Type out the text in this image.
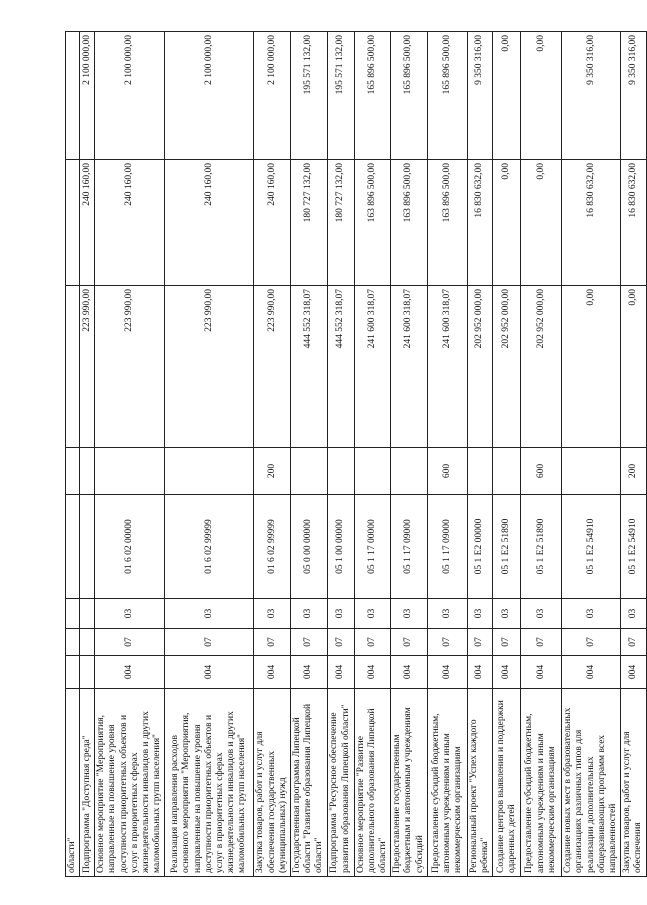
области"								
Подпрограмма "Доступная среда"						223 990,00	240 160,00	2 100 000,00
Основное мероприятие "Мероприятия, направленные на повышение уровня доступности приоритетных объектов и услуг в приоритетных сферах жизнедеятельности инвалидов и других маломобильных групп населения"	004	07	03	01 6 02 00000		223 990,00	240 160,00	2 100 000,00
Реализация направления расходов основного мероприятия "Мероприятия, направленные на повышение уровня доступности приоритетных объектов и услуг в приоритетных сферах жизнедеятельности инвалидов и других маломобильных групп населения"	004	07	03	01 6 02 99999		223 990,00	240 160,00	2 100 000,00
Закупка товаров, работ и услуг для обеспечения государственных (муниципальных) нужд	004	07	03	01 6 02 99999	200	223 990,00	240 160,00	2 100 000,00
Государственная программа Липецкой области "Развитие образования Липецкой области"	004	07	03	05 0 00 00000		444 552 318,07	180 727 132,00	195 571 132,00
Подпрограмма "Ресурсное обеспечение развития образования Липецкой области"	004	07	03	05 1 00 00000		444 552 318,07	180 727 132,00	195 571 132,00
Основное мероприятие "Развитие дополнительного образования Липецкой области"	004	07	03	05 1 17 00000		241 600 318,07	163 896 500,00	165 896 500,00
Предоставление государственным бюджетным и автономным учреждениям субсидий	004	07	03	05 1 17 09000		241 600 318,07	163 896 500,00	165 896 500,00
Предоставление субсидий бюджетным, автономным учреждениям и иным некоммерческим организациям	004	07	03	05 1 17 09000	600	241 600 318,07	163 896 500,00	165 896 500,00
Региональный проект "Успех каждого ребенка"	004	07	03	05 1 E2 00000		202 952 000,00	16 830 632,00	9 350 316,00
Создание центров выявления и поддержки одаренных детей	004	07	03	05 1 E2 51890		202 952 000,00	0,00	0,00
Предоставление субсидий бюджетным, автономным учреждениям и иным некоммерческим организациям	004	07	03	05 1 E2 51890	600	202 952 000,00	0,00	0,00
Создание новых мест в образовательных организациях различных типов для реализации дополнительных общеразвивающих программ всех направленностей	004	07	03	05 1 E2 54910		0,00	16 830 632,00	9 350 316,00
Закупка товаров, работ и услуг для обеспечения	004	07	03	05 1 E2 54910	200	0,00	16 830 632,00	9 350 316,00
